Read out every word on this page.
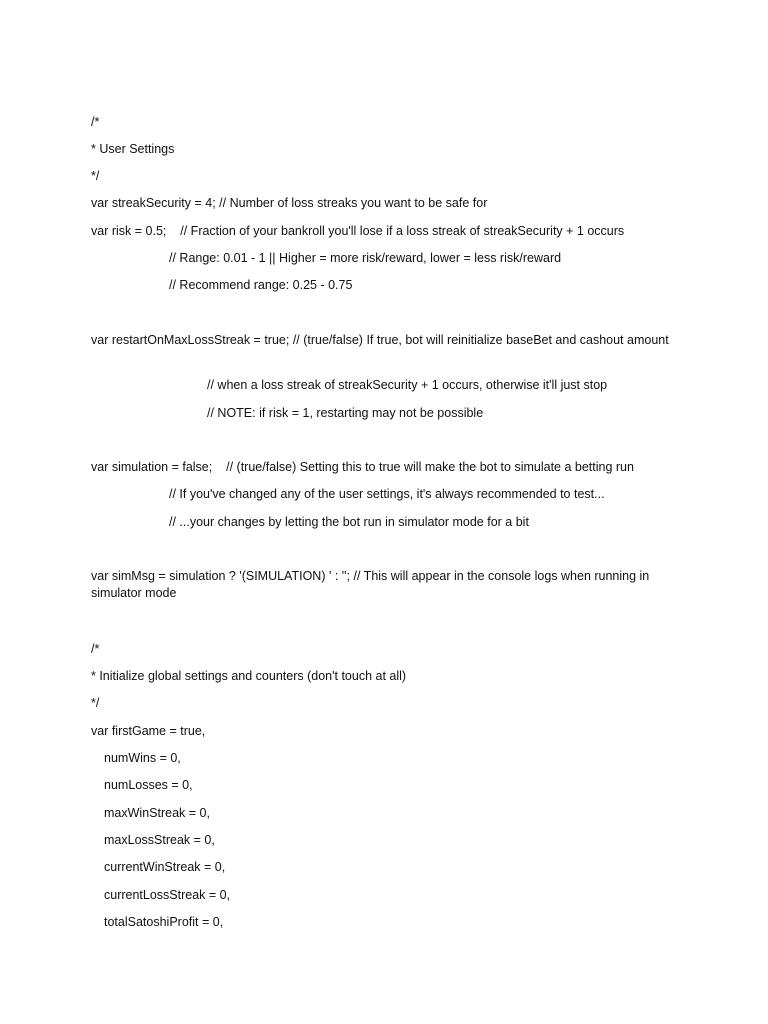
/*
* User Settings
*/
var streakSecurity = 4; // Number of loss streaks you want to be safe for
var risk = 0.5;    // Fraction of your bankroll you'll lose if a loss streak of streakSecurity + 1 occurs
// Range: 0.01 - 1 || Higher = more risk/reward, lower = less risk/reward
// Recommend range: 0.25 - 0.75
var restartOnMaxLossStreak = true; // (true/false) If true, bot will reinitialize baseBet and cashout amount
// when a loss streak of streakSecurity + 1 occurs, otherwise it'll just stop
// NOTE: if risk = 1, restarting may not be possible
var simulation = false;    // (true/false) Setting this to true will make the bot to simulate a betting run
// If you've changed any of the user settings, it's always recommended to test...
// ...your changes by letting the bot run in simulator mode for a bit
var simMsg = simulation ? '(SIMULATION) ' : ''; // This will appear in the console logs when running in simulator mode
/*
* Initialize global settings and counters (don't touch at all)
*/
var firstGame = true,
numWins = 0,
numLosses = 0,
maxWinStreak = 0,
maxLossStreak = 0,
currentWinStreak = 0,
currentLossStreak = 0,
totalSatoshiProfit = 0,
